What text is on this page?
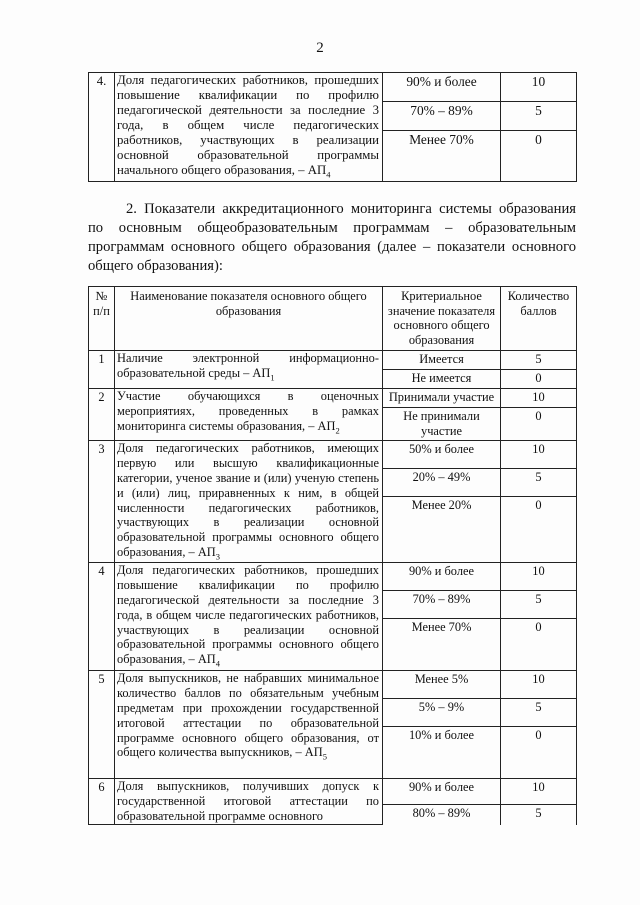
2
4.	Доля педагогических работников, прошедших повышение квалификации по профилю педагогической деятельности за последние 3 года, в общем числе педагогических работников, участвующих в реализации основной образовательной программы начального общего образования, – $АП_4$	90% и более	10
		70% – 89%	5
		Менее 70%	0

2. Показатели аккредитационного мониторинга системы образования по основным общеобразовательным программам – образовательным программам основного общего образования (далее – показатели основного общего образования):

№ п/п	Наименование показателя основного общего образования	Критериальное значение показателя основного общего образования	Количество баллов
1	Наличие электронной информационно-образовательной среды – $АП_1$	Имеется	5
		Не имеется	0
2	Участие обучающихся в оценочных мероприятиях, проведенных в рамках мониторинга системы образования, – $АП_2$	Принимали участие	10
		Не принимали участие	0
3	Доля педагогических работников, имеющих первую или высшую квалификационные категории, ученое звание и (или) ученую степень и (или) лиц, приравненных к ним, в общей численности педагогических работников, участвующих в реализации основной образовательной программы основного общего образования, – $АП_3$	50% и более	10
		20% – 49%	5
		Менее 20%	0
4	Доля педагогических работников, прошедших повышение квалификации по профилю педагогической деятельности за последние 3 года, в общем числе педагогических работников, участвующих в реализации основной образовательной программы основного общего образования, – $АП_4$	90% и более	10
		70% – 89%	5
		Менее 70%	0
5	Доля выпускников, не набравших минимальное количество баллов по обязательным учебным предметам при прохождении государственной итоговой аттестации по образовательной программе основного общего образования, от общего количества выпускников, – $АП_5$	Менее 5%	10
		5% – 9%	5
		10% и более	0
6	Доля выпускников, получивших допуск к государственной итоговой аттестации по образовательной программе основного	90% и более	10
		80% – 89%	5
